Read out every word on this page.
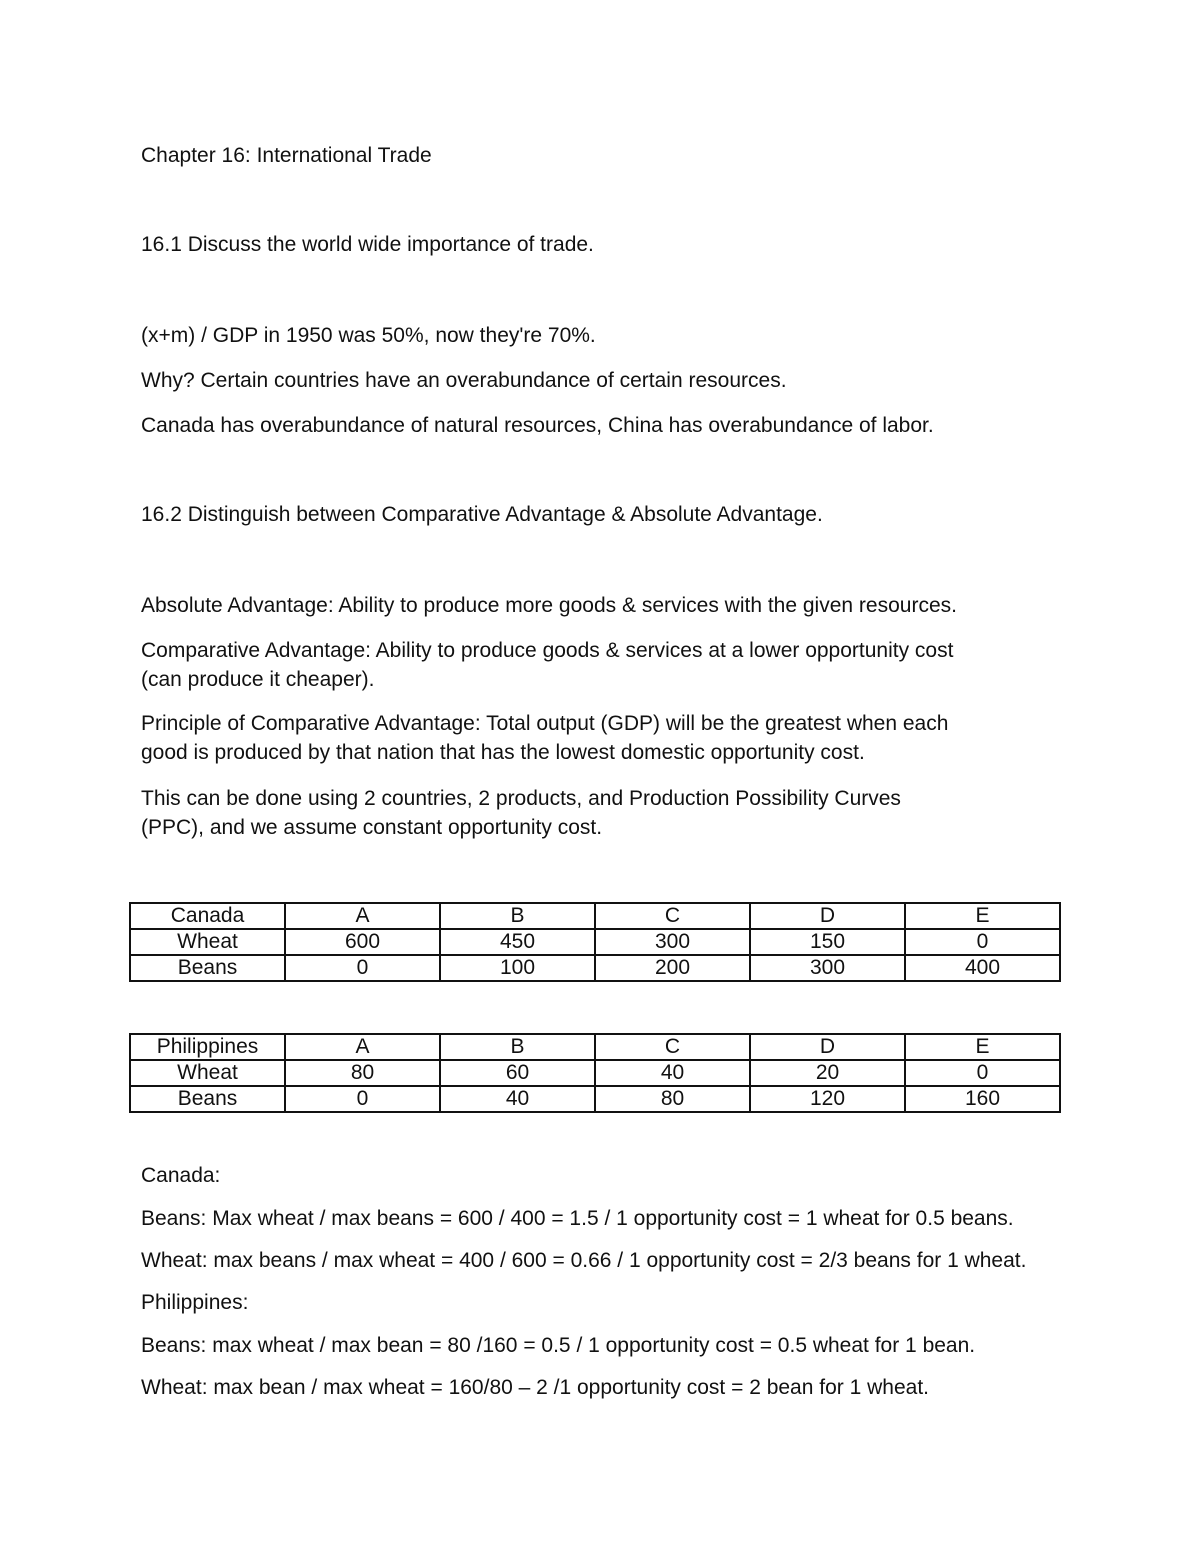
Chapter 16: International Trade

16.1 Discuss the world wide importance of trade.

(x+m) / GDP in 1950 was 50%, now they're 70%.

Why? Certain countries have an overabundance of certain resources.

Canada has overabundance of natural resources, China has overabundance of labor.

16.2 Distinguish between Comparative Advantage & Absolute Advantage.

Absolute Advantage: Ability to produce more goods & services with the given resources.

Comparative Advantage: Ability to produce goods & services at a lower opportunity cost

(can produce it cheaper).

Principle of Comparative Advantage: Total output (GDP) will be the greatest when each

good is produced by that nation that has the lowest domestic opportunity cost.

This can be done using 2 countries, 2 products, and Production Possibility Curves

(PPC), and we assume constant opportunity cost.

Canada	A	B	C	D	E
Wheat	600	450	300	150	0
Beans	0	100	200	300	400
Philippines	A	B	C	D	E
Wheat	80	60	40	20	0
Beans	0	40	80	120	160

Canada:

Beans: Max wheat / max beans = 600 / 400 = 1.5 / 1 opportunity cost = 1 wheat for 0.5 beans.

Wheat: max beans / max wheat = 400 / 600 = 0.66 / 1 opportunity cost = 2/3 beans for 1 wheat.

Philippines:

Beans: max wheat / max bean = 80 /160 = 0.5 / 1 opportunity cost = 0.5 wheat for 1 bean.

Wheat: max bean / max wheat = 160/80 – 2 /1 opportunity cost = 2 bean for 1 wheat.
